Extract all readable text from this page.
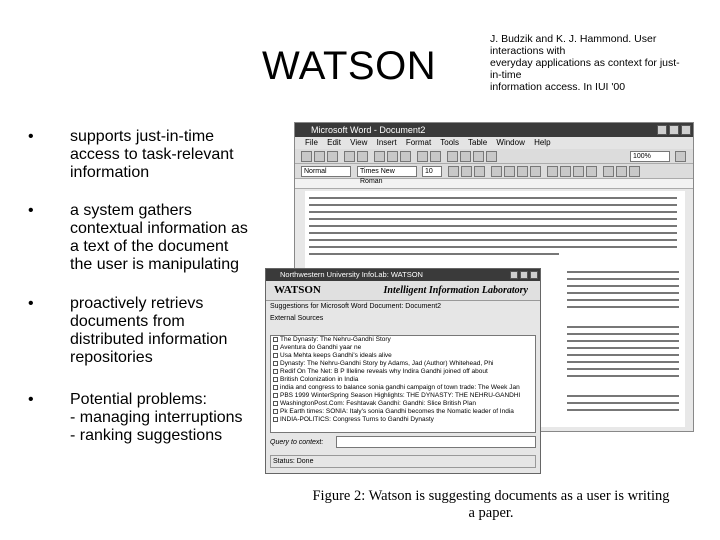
WATSON
J. Budzik and K. J. Hammond. User
interactions with
everyday applications as context for just-
in-time
information access. In IUI '00
•	supports just-in-time
access to task-relevant
information
•	a system gathers
contextual information as
a text of the document
the user is manipulating
•	proactively retrievs
documents from
distributed information
repositories
•	Potential problems:
- managing interruptions
- ranking suggestions
Microsoft Word - Document2
File Edit View Insert Format Tools Table Window Help
100%
Normal	Times New Roman
10
Northwestern University InfoLab: WATSON
WATSON	Intelligent Information Laboratory
Suggestions for Microsoft Word Document: Document2
External Sources
The Dynasty: The Nehru-Gandhi Story
Aventura do Gandhi yaar ne
Usa Mehta keeps Gandhi's ideals alive
Dynasty: The Nehru-Gandhi Story by Adams, Jad (Author) Whitehead, Phi
Redif On The Net: B P Illeline reveals why Indira Gandhi joined off about
British Colonization in India
india and congress to balance sonia gandhi campaign of town trade: The Week Jan
PBS 1999 WinterSpring Season Highlights: THE DYNASTY: THE NEHRU-GANDHI
WashingtonPost.Com: Feshtavak Gandhi: Gandhi: Slice British Plan
Pk Earth times: SONIA: Italy's sonia Gandhi becomes the Nomatic leader of India
INDIA-POLITICS: Congress Turns to Gandhi Dynasty
Query to context:
Status: Done
Figure 2: Watson is suggesting documents as a user is writing
a paper.
